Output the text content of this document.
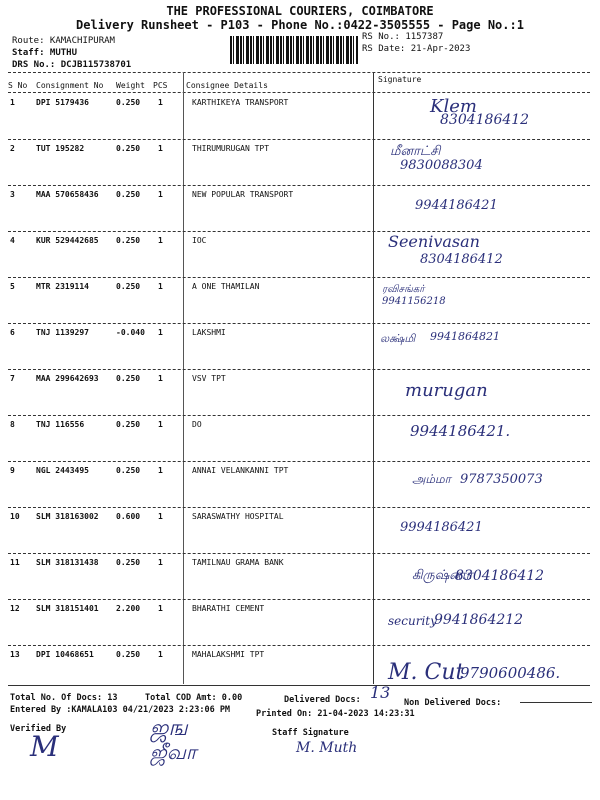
THE PROFESSIONAL COURIERS, COIMBATORE
Delivery Runsheet - P103 - Phone No.:0422-3505555 - Page No.:1
Route: KAMACHIPURAM
Staff: MUTHU
DRS No.: DCJB115738701
RS No.: 1157387
RS Date: 21-Apr-2023
S No Consignment No Weight PCS Consignee Details
Signature
1	DPI 5179436	0.250 1	KARTHIKEYA TRANSPORT	Klem
8304186412
2	TUT 195282	0.250 1	THIRUMURUGAN TPT	மீனாட்சி
9830088304
3	MAA 570658436 0.250 1	NEW POPULAR TRANSPORT
9944186421
4	KUR 529442685 0.250 1	IOC	Seenivasan
8304186412
5	MTR 2319114	0.250 1	A ONE THAMILAN	ரவிசங்கர்
9941156218
6	TNJ 1139297	-0.040 1	LAKSHMI	லக்ஷ்மி 9941864821
7	MAA 299642693 0.250 1	VSV TPT
murugan
8	TNJ 116556	0.250 1	DO	9944186421.
9	NGL 2443495	0.250 1	ANNAI VELANKANNI TPT
அம்மா 9787350073
10 SLM 318163002 0.600 1	SARASWATHY HOSPITAL
9994186421
11 SLM 318131438 0.250 1	TAMILNAU GRAMA BANK
கிருஷ்ணா
8304186412
12 SLM 318151401 2.200 1	BHARATHI CEMENT
security
9941864212
13 DPI 10468651	0.250 1	MAHALAKSHMI TPT
M. Cut
9790600486.
Total No. Of Docs: 13	Total COD Amt: 0.00	Delivered Docs: 13
Non Delivered Docs:
Entered By :KAMALA103 04/21/2023 2:23:06 PM	Printed On: 21-04-2023 14:23:31
Verified By
M
ஜங
ஜீவா
Staff Signature
M. Muth
